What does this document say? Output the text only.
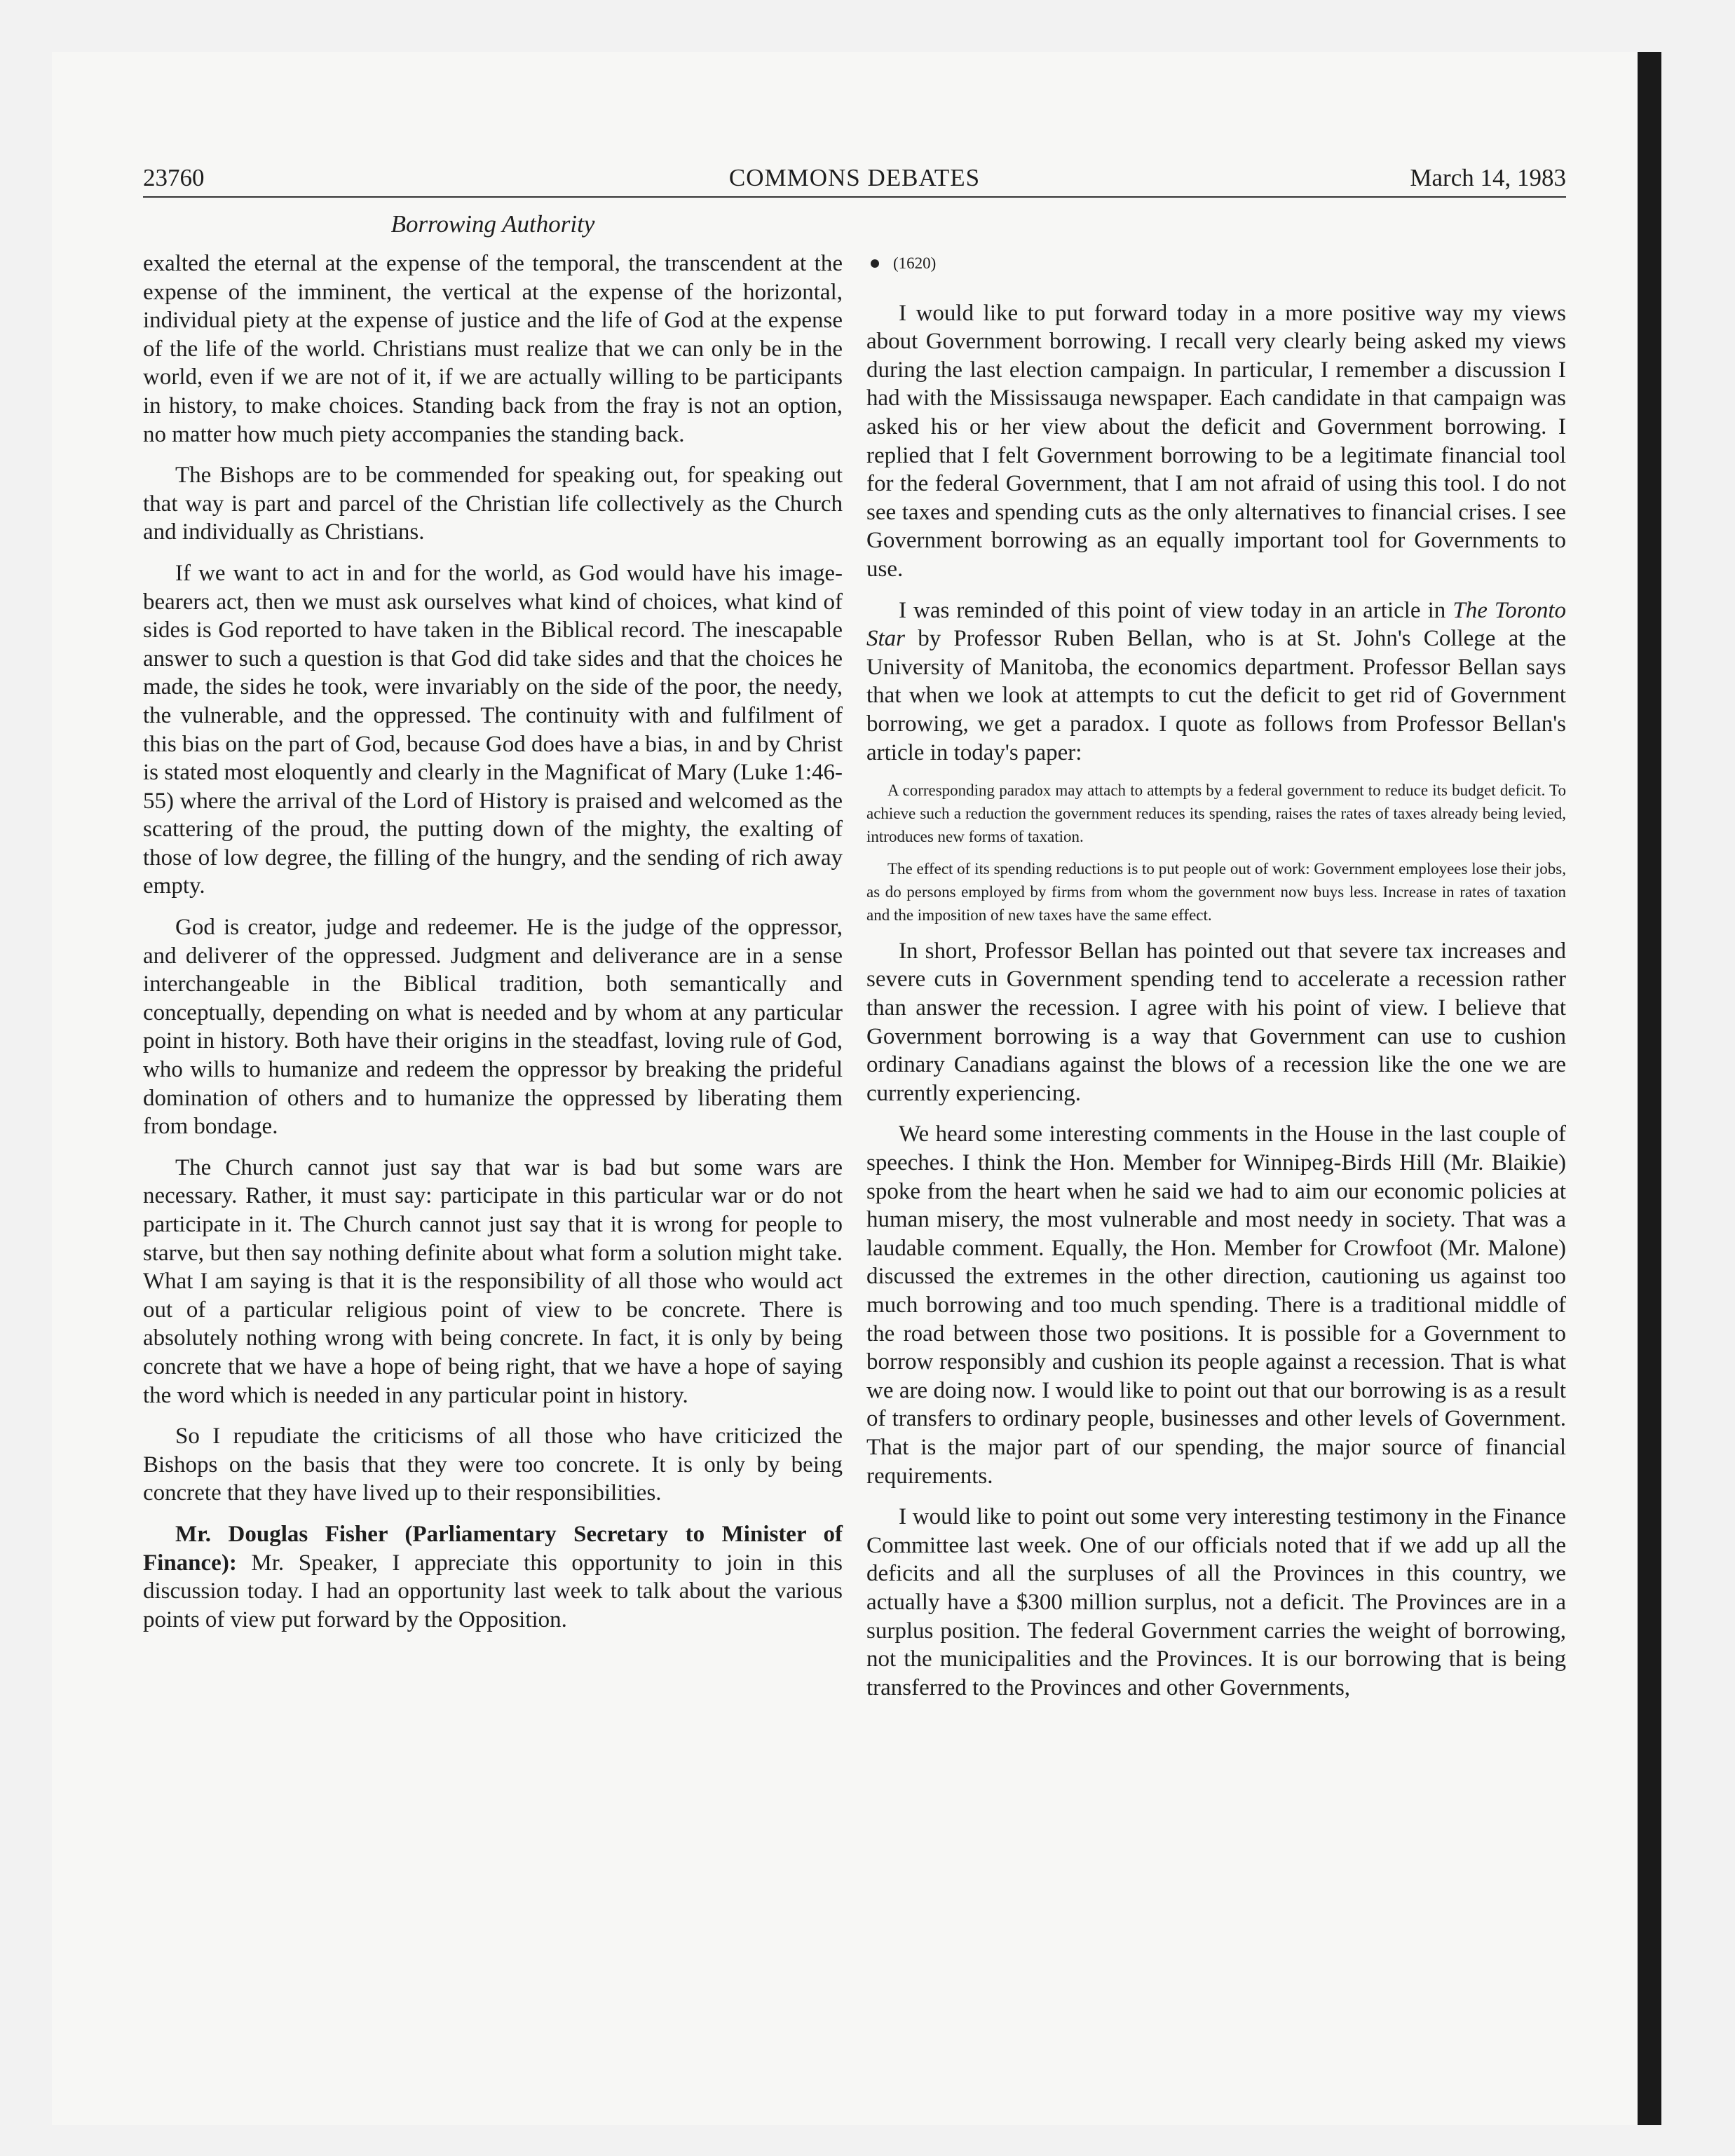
23760	COMMONS DEBATES	March 14, 1983
Borrowing Authority

exalted the eternal at the expense of the temporal, the transcendent at the expense of the imminent, the vertical at the expense of the horizontal, individual piety at the expense of justice and the life of God at the expense of the life of the world. Christians must realize that we can only be in the world, even if we are not of it, if we are actually willing to be participants in history, to make choices. Standing back from the fray is not an option, no matter how much piety accompanies the standing back.

The Bishops are to be commended for speaking out, for speaking out that way is part and parcel of the Christian life collectively as the Church and individually as Christians.

If we want to act in and for the world, as God would have his image-bearers act, then we must ask ourselves what kind of choices, what kind of sides is God reported to have taken in the Biblical record. The inescapable answer to such a question is that God did take sides and that the choices he made, the sides he took, were invariably on the side of the poor, the needy, the vulnerable, and the oppressed. The continuity with and fulfilment of this bias on the part of God, because God does have a bias, in and by Christ is stated most eloquently and clearly in the Magnificat of Mary (Luke 1:46-55) where the arrival of the Lord of History is praised and welcomed as the scattering of the proud, the putting down of the mighty, the exalting of those of low degree, the filling of the hungry, and the sending of rich away empty.

God is creator, judge and redeemer. He is the judge of the oppressor, and deliverer of the oppressed. Judgment and deliverance are in a sense interchangeable in the Biblical tradition, both semantically and conceptually, depending on what is needed and by whom at any particular point in history. Both have their origins in the steadfast, loving rule of God, who wills to humanize and redeem the oppressor by breaking the prideful domination of others and to humanize the oppressed by liberating them from bondage.

The Church cannot just say that war is bad but some wars are necessary. Rather, it must say: participate in this particular war or do not participate in it. The Church cannot just say that it is wrong for people to starve, but then say nothing definite about what form a solution might take. What I am saying is that it is the responsibility of all those who would act out of a particular religious point of view to be concrete. There is absolutely nothing wrong with being concrete. In fact, it is only by being concrete that we have a hope of being right, that we have a hope of saying the word which is needed in any particular point in history.

So I repudiate the criticisms of all those who have criticized the Bishops on the basis that they were too concrete. It is only by being concrete that they have lived up to their responsibilities.

Mr. Douglas Fisher (Parliamentary Secretary to Minister of Finance): Mr. Speaker, I appreciate this opportunity to join in this discussion today. I had an opportunity last week to talk about the various points of view put forward by the Opposition.

(1620)

I would like to put forward today in a more positive way my views about Government borrowing. I recall very clearly being asked my views during the last election campaign. In particular, I remember a discussion I had with the Mississauga newspaper. Each candidate in that campaign was asked his or her view about the deficit and Government borrowing. I replied that I felt Government borrowing to be a legitimate financial tool for the federal Government, that I am not afraid of using this tool. I do not see taxes and spending cuts as the only alternatives to financial crises. I see Government borrowing as an equally important tool for Governments to use.

I was reminded of this point of view today in an article in The Toronto Star by Professor Ruben Bellan, who is at St. John's College at the University of Manitoba, the economics department. Professor Bellan says that when we look at attempts to cut the deficit to get rid of Government borrowing, we get a paradox. I quote as follows from Professor Bellan's article in today's paper:

A corresponding paradox may attach to attempts by a federal government to reduce its budget deficit. To achieve such a reduction the government reduces its spending, raises the rates of taxes already being levied, introduces new forms of taxation.

The effect of its spending reductions is to put people out of work: Government employees lose their jobs, as do persons employed by firms from whom the government now buys less. Increase in rates of taxation and the imposition of new taxes have the same effect.

In short, Professor Bellan has pointed out that severe tax increases and severe cuts in Government spending tend to accelerate a recession rather than answer the recession. I agree with his point of view. I believe that Government borrowing is a way that Government can use to cushion ordinary Canadians against the blows of a recession like the one we are currently experiencing.

We heard some interesting comments in the House in the last couple of speeches. I think the Hon. Member for Winnipeg-Birds Hill (Mr. Blaikie) spoke from the heart when he said we had to aim our economic policies at human misery, the most vulnerable and most needy in society. That was a laudable comment. Equally, the Hon. Member for Crowfoot (Mr. Malone) discussed the extremes in the other direction, cautioning us against too much borrowing and too much spending. There is a traditional middle of the road between those two positions. It is possible for a Government to borrow responsibly and cushion its people against a recession. That is what we are doing now. I would like to point out that our borrowing is as a result of transfers to ordinary people, businesses and other levels of Government. That is the major part of our spending, the major source of financial requirements.

I would like to point out some very interesting testimony in the Finance Committee last week. One of our officials noted that if we add up all the deficits and all the surpluses of all the Provinces in this country, we actually have a $300 million surplus, not a deficit. The Provinces are in a surplus position. The federal Government carries the weight of borrowing, not the municipalities and the Provinces. It is our borrowing that is being transferred to the Provinces and other Governments,
